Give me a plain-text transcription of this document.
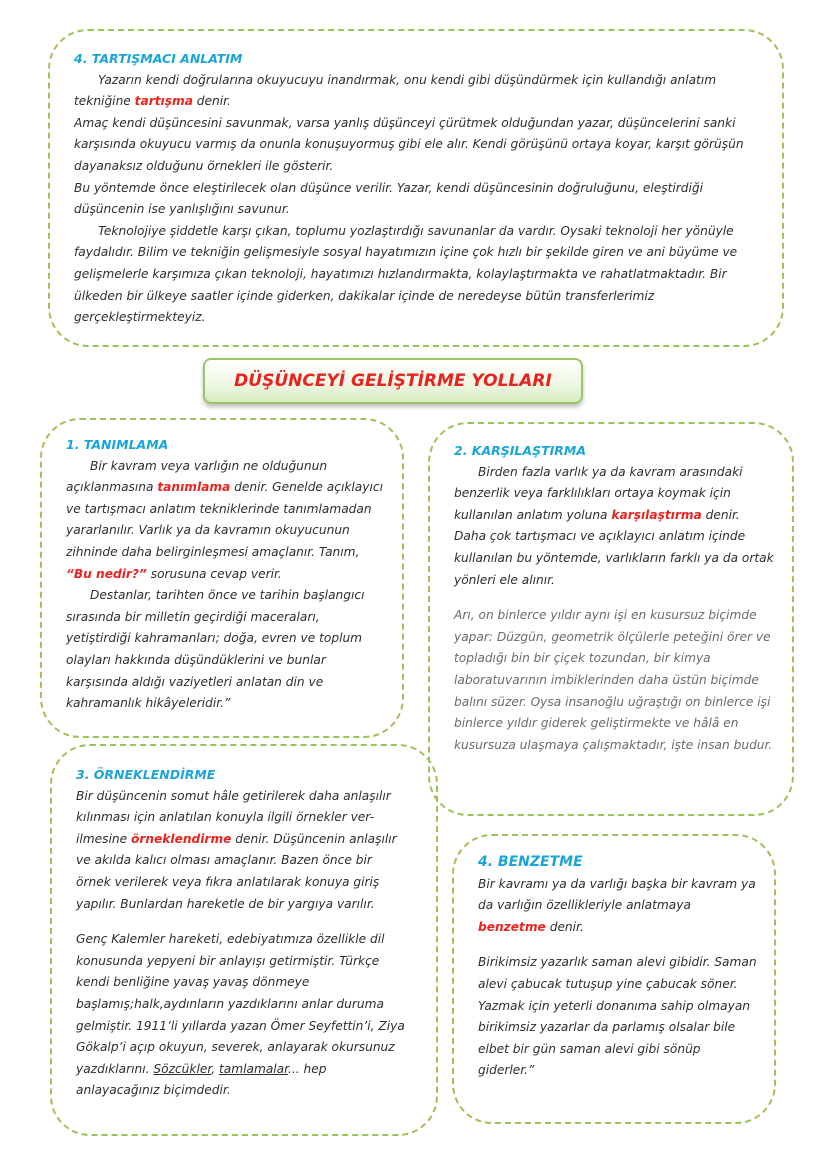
4. TARTIŞMACI ANLATIM
Yazarın kendi doğrularına okuyucuyu inandırmak, onu kendi gibi düşündürmek için kullandığı anlatım tekniğine tartışma denir.
Amaç kendi düşüncesini savunmak, varsa yanlış düşünceyi çürütmek olduğundan yazar, düşüncelerini sanki karşısında okuyucu varmış da onunla konuşuyormuş gibi ele alır. Kendi görüşünü ortaya koyar, karşıt görüşün dayanaksız olduğunu örnekleri ile gösterir.
Bu yöntemde önce eleştirilecek olan düşünce verilir. Yazar, kendi düşüncesinin doğruluğunu, eleştirdiği düşüncenin ise yanlışlığını savunur.
Teknolojiye şiddetle karşı çıkan, toplumu yozlaştırdığı savunanlar da vardır. Oysaki teknoloji her yönüyle faydalıdır. Bilim ve tekniğin gelişmesiyle sosyal hayatımızın içine çok hızlı bir şekilde giren ve ani büyüme ve gelişmelerle karşımıza çıkan teknoloji, hayatımızı hızlandırmakta, kolaylaştırmakta ve rahatlatmaktadır. Bir ülkeden bir ülkeye saatler içinde giderken, dakikalar içinde de neredeyse bütün transferlerimiz gerçekleştirmekteyiz.
DÜŞÜNCEYİ GELİŞTİRME YOLLARI
1. TANIMLAMA
Bir kavram veya varlığın ne olduğunun açıklanmasına tanımlama denir. Genelde açıklayıcı ve tartışmacı anlatım tekniklerinde tanımlamadan yararlanılır. Varlık ya da kavramın okuyucunun zihninde daha belirginleşmesi amaçlanır. Tanım, “Bu nedir?” sorusuna cevap verir.
Destanlar, tarihten önce ve tarihin başlangıcı sırasında bir milletin geçirdiği maceraları, yetiştirdiği kahramanları; doğa, evren ve toplum olayları hakkında düşündüklerini ve bunlar karşısında aldığı vaziyetleri anlatan din ve kahramanlık hikâyeleridir.”
2. KARŞILAŞTIRMA
Birden fazla varlık ya da kavram arasındaki benzerlik veya farklılıkları ortaya koymak için kullanılan anlatım yoluna karşılaştırma denir. Daha çok tartışmacı ve açıklayıcı anlatım içinde kullanılan bu yöntemde, varlıkların farklı ya da ortak yönleri ele alınır.
Arı, on binlerce yıldır aynı işi en kusursuz biçimde yapar: Düzgün, geometrik ölçülerle peteğini örer ve topladığı bin bir çiçek tozundan, bir kimya laboratuvarının imbiklerinden daha üstün biçimde balını süzer. Oysa insanoğlu uğraştığı on binlerce işi binlerce yıldır giderek geliştirmekte ve hâlâ en kusursuza ulaşmaya çalışmaktadır, işte insan budur.
3. ÖRNEKLENDİRME
Bir düşüncenin somut hâle getirilerek daha anlaşılır kılınması için anlatılan konuyla ilgili örnekler ver-ilmesine örneklendirme denir. Düşüncenin anlaşılır ve akılda kalıcı olması amaçlanır. Bazen önce bir örnek verilerek veya fıkra anlatılarak konuya giriş yapılır. Bunlardan hareketle de bir yargıya varılır.
Genç Kalemler hareketi, edebiyatımıza özellikle dil konusunda yepyeni bir anlayışı getirmiştir. Türkçe kendi benliğine yavaş yavaş dönmeye başlamış;halk,aydınların yazdıklarını anlar duruma gelmiştir. 1911’li yıllarda yazan Ömer Seyfettin’i, Ziya Gökalp’i açıp okuyun, severek, anlayarak okursunuz yazdıklarını. Sözcükler, tamlamalar... hep anlayacağınız biçimdedir.
4. BENZETME
Bir kavramı ya da varlığı başka bir kavram ya da varlığın özellikleriyle anlatmaya benzetme denir.
Birikimsiz yazarlık saman alevi gibidir. Saman alevi çabucak tutuşup yine çabucak söner. Yazmak için yeterli donanıma sahip olmayan birikimsiz yazarlar da parlamış olsalar bile elbet bir gün saman alevi gibi sönüp giderler.”
